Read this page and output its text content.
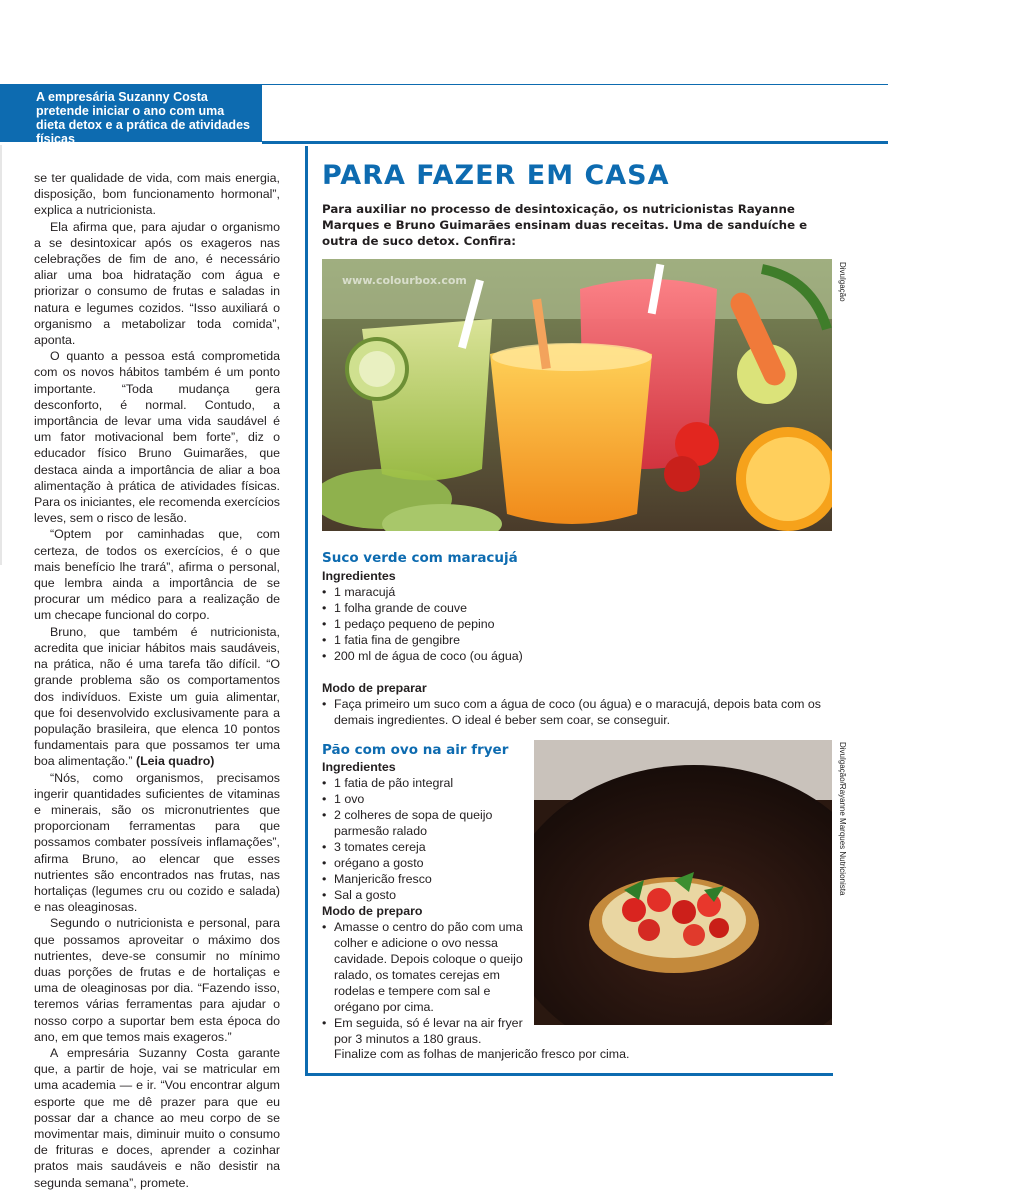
A empresária Suzanny Costa pretende iniciar o ano com uma dieta detox e a prática de atividades físicas

se ter qualidade de vida, com mais energia, disposição, bom funcionamento hormonal”, explica a nutricionista.

Ela afirma que, para ajudar o organismo a se desintoxicar após os exageros nas celebrações de fim de ano, é necessário aliar uma boa hidratação com água e priorizar o consumo de frutas e saladas in natura e legumes cozidos. “Isso auxiliará o organismo a metabolizar toda comida”, aponta.

O quanto a pessoa está comprometida com os novos hábitos também é um ponto importante. “Toda mudança gera desconforto, é normal. Contudo, a importância de levar uma vida saudável é um fator motivacional bem forte”, diz o educador físico Bruno Guimarães, que destaca ainda a importância de aliar a boa alimentação à prática de atividades físicas. Para os iniciantes, ele recomenda exercícios leves, sem o risco de lesão.

“Optem por caminhadas que, com certeza, de todos os exercícios, é o que mais benefício lhe trará”, afirma o personal, que lembra ainda a importância de se procurar um médico para a realização de um checape funcional do corpo.

Bruno, que também é nutricionista, acredita que iniciar hábitos mais saudáveis, na prática, não é uma tarefa tão difícil. “O grande problema são os comportamentos dos indivíduos. Existe um guia alimentar, que foi desenvolvido exclusivamente para a população brasileira, que elenca 10 pontos fundamentais para que possamos ter uma boa alimentação.” (Leia quadro)

“Nós, como organismos, precisamos ingerir quantidades suficientes de vitaminas e minerais, são os micronutrientes que proporcionam ferramentas para que possamos combater possíveis inflamações”, afirma Bruno, ao elencar que esses nutrientes são encontrados nas frutas, nas hortaliças (legumes cru ou cozido e salada) e nas oleaginosas.

Segundo o nutricionista e personal, para que possamos aproveitar o máximo dos nutrientes, deve-se consumir no mínimo duas porções de frutas e de hortaliças e uma de oleaginosas por dia. “Fazendo isso, teremos várias ferramentas para ajudar o nosso corpo a suportar bem esta época do ano, em que temos mais exageros.”

A empresária Suzanny Costa garante que, a partir de hoje, vai se matricular em uma academia — e ir. “Vou encontrar algum esporte que me dê prazer para que eu possar dar a chance ao meu corpo de se movimentar mais, diminuir muito o consumo de frituras e doces, aprender a cozinhar pratos mais saudáveis e não desistir na segunda semana”, promete.

PARA FAZER EM CASA
Para auxiliar no processo de desintoxicação, os nutricionistas Rayanne Marques e Bruno Guimarães ensinam duas receitas. Uma de sanduíche e outra de suco detox. Confira:
www.colourbox.com	Divulgação
Suco verde com maracujá
Ingredientes
• 1 maracujá
• 1 folha grande de couve
• 1 pedaço pequeno de pepino
• 1 fatia fina de gengibre
• 200 ml de água de coco (ou água)
Modo de preparar
• Faça primeiro um suco com a água de coco (ou água) e o maracujá, depois bata com os demais ingredientes. O ideal é beber sem coar, se conseguir.
Divulgação/Rayanne Marques Nutricionista
Pão com ovo na air fryer
Ingredientes
• 1 fatia de pão integral
• 1 ovo
• 2 colheres de sopa de queijo parmesão ralado
• 3 tomates cereja
• orégano a gosto
• Manjericão fresco
• Sal a gosto
Modo de preparo
• Amasse o centro do pão com uma colher e adicione o ovo nessa cavidade. Depois coloque o queijo ralado, os tomates cerejas em rodelas e tempere com sal e orégano por cima.
• Em seguida, só é levar na air fryer por 3 minutos a 180 graus.
Finalize com as folhas de manjericão fresco por cima.
